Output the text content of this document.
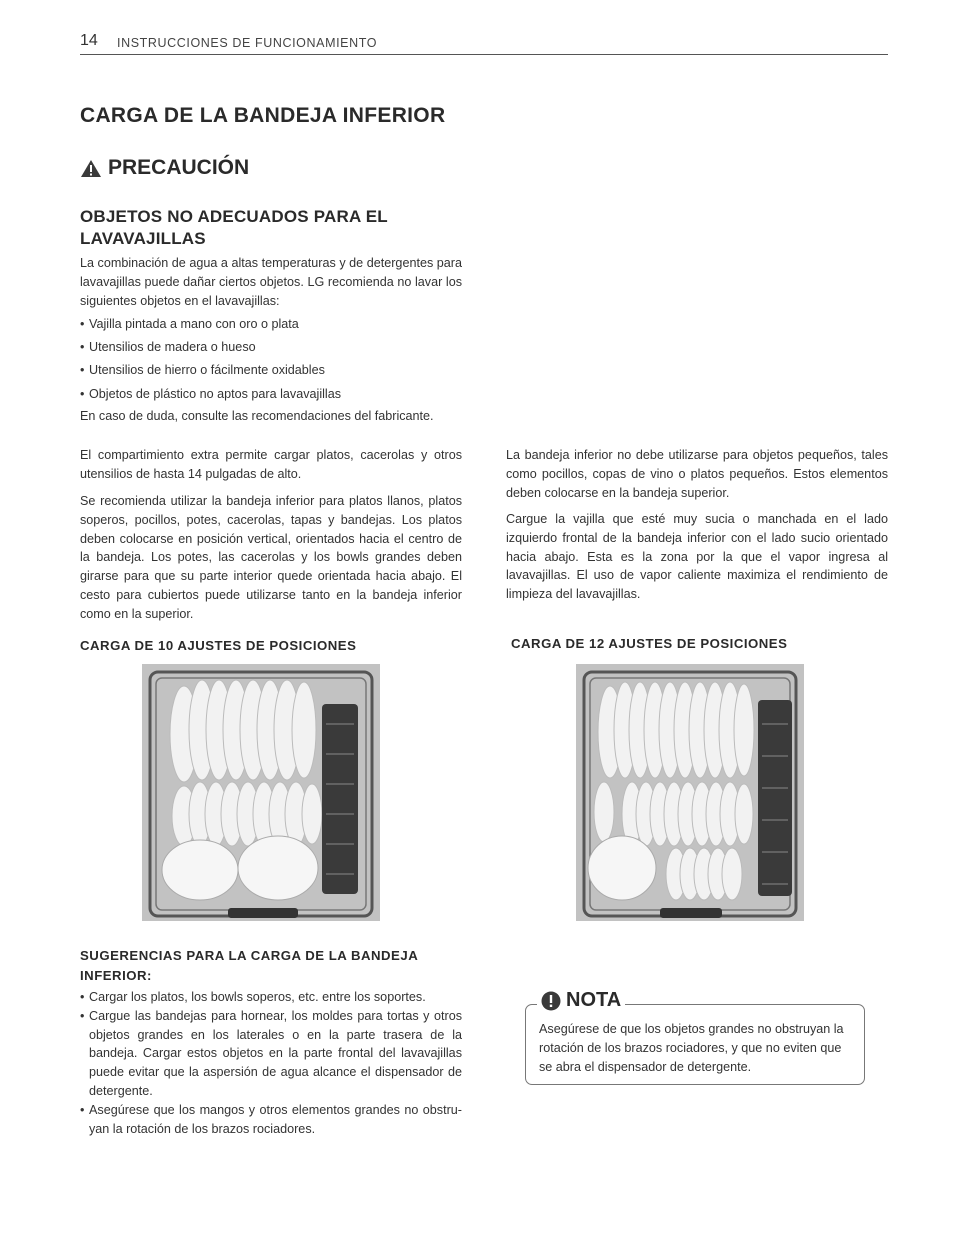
14 INSTRUCCIONES DE FUNCIONAMIENTO
CARGA DE LA BANDEJA INFERIOR
PRECAUCIÓN
OBJETOS NO ADECUADOS PARA EL LAVAVAJILLAS
La combinación de agua a altas temperaturas y de detergentes para lavavajillas puede dañar ciertos objetos. LG recomienda no lavar los siguientes objetos en el lavavajillas:
• Vajilla pintada a mano con oro o plata
• Utensilios de madera o hueso
• Utensilios de hierro o fácilmente oxidables
• Objetos de plástico no aptos para lavavajillas
En caso de duda, consulte las recomendaciones del fabricante.
El compartimiento extra permite cargar platos, cacerolas y otros utensilios de hasta 14 pulgadas de alto.
Se recomienda utilizar la bandeja inferior para platos llanos, platos soperos, pocillos, potes, cacerolas, tapas y bandejas. Los platos deben colocarse en posición vertical, orientados hacia el centro de la bandeja. Los potes, las cacerolas y los bowls grandes deben girarse para que su parte interior quede orientada hacia abajo. El cesto para cubiertos puede utilizarse tanto en la bandeja inferior como en la superior.
La bandeja inferior no debe utilizarse para objetos pequeños, tales como pocillos, copas de vino o platos pequeños. Estos elementos deben colocarse en la bandeja superior.
Cargue la vajilla que esté muy sucia o manchada en el lado izquierdo frontal de la bandeja inferior con el lado sucio orientado hacia abajo. Esta es la zona por la que el vapor ingresa al lavavajillas. El uso de vapor caliente maximiza el rendimiento de limpieza del lavavajillas.
CARGA DE 10 AJUSTES DE POSICIONES	CARGA DE 12 AJUSTES DE POSICIONES
SUGERENCIAS PARA LA CARGA DE LA BANDEJA INFERIOR:
• Cargar los platos, los bowls soperos, etc. entre los soportes.
• Cargue las bandejas para hornear, los moldes para tortas y otros objetos grandes en los laterales o en la parte trasera de la bandeja. Cargar estos objetos en la parte frontal del lavavajillas puede evitar que la aspersión de agua alcance el dispensador de detergente.
• Asegúrese que los mangos y otros elementos grandes no obstru-yan la rotación de los brazos rociadores.
NOTA
Asegúrese de que los objetos grandes no obstruyan la rotación de los brazos rociadores, y que no eviten que se abra el dispensador de detergente.
